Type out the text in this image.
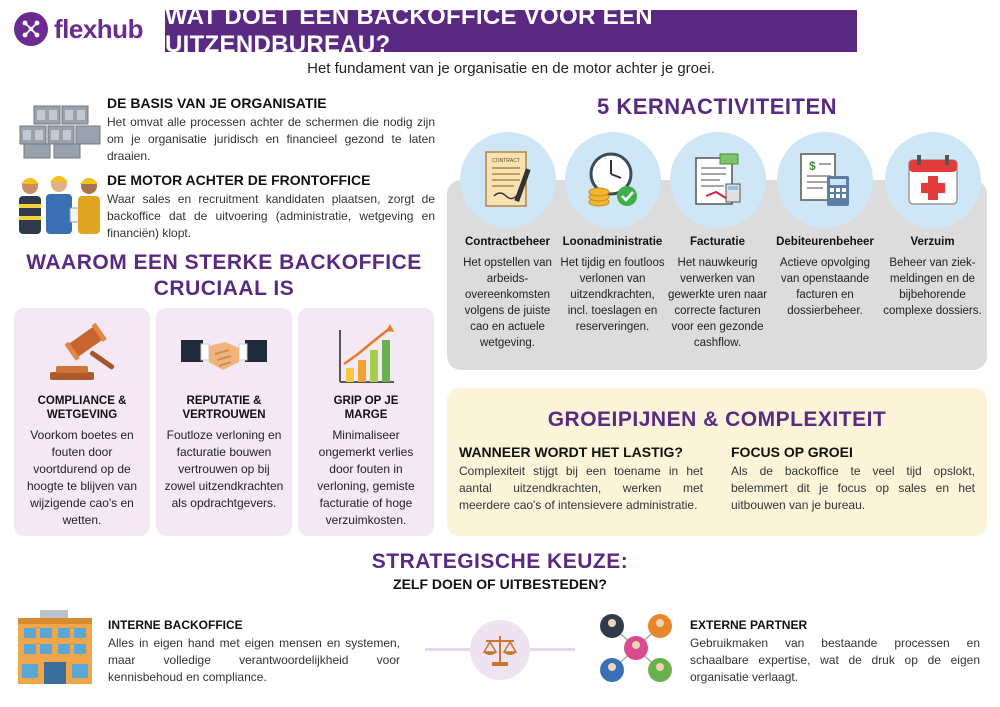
flexhub WAT DOET EEN BACKOFFICE VOOR EEN UITZENDBUREAU?
Het fundament van je organisatie en de motor achter je groei.
DE BASIS VAN JE ORGANISATIE
Het omvat alle processen achter de schermen die nodig zijn om je organisatie juridisch en financieel gezond te laten draaien.
DE MOTOR ACHTER DE FRONTOFFICE
Waar sales en recruitment kandidaten plaatsen, zorgt de backoffice dat de uitvoering (administratie, wetgeving en financiën) klopt.
WAAROM EEN STERKE BACKOFFICE
CRUCIAAL IS
COMPLIANCE &
WETGEVING
Voorkom boetes en fouten door voortdurend op de hoogte te blijven van wijzigende cao's en wetten.
REPUTATIE &
VERTROUWEN
Foutloze verloning en facturatie bouwen vertrouwen op bij zowel uitzendkrachten als opdrachtgevers.
GRIP OP JE
MARGE
Minimaliseer ongemerkt verlies door fouten in verloning, gemiste facturatie of hoge verzuimkosten.
5 KERNACTIVITEITEN
CONTRACT
Contractbeheer
Het opstellen van arbeids-overeenkomsten volgens de juiste cao en actuele wetgeving.
Loonadministratie
Het tijdig en foutloos verlonen van uitzendkrachten, incl. toeslagen en reserveringen.
Facturatie
Het nauwkeurig verwerken van gewerkte uren naar correcte facturen voor een gezonde cashflow.
$
Debiteurenbeheer
Actieve opvolging van openstaande facturen en dossierbeheer.
Verzuim
Beheer van ziek-meldingen en de bijbehorende complexe dossiers.
GROEIPIJNEN & COMPLEXITEIT
WANNEER WORDT HET LASTIG?
Complexiteit stijgt bij een toename in het aantal uitzendkrachten, werken met meerdere cao's of intensievere administratie.
FOCUS OP GROEI
Als de backoffice te veel tijd opslokt, belemmert dit je focus op sales en het uitbouwen van je bureau.
STRATEGISCHE KEUZE:
ZELF DOEN OF UITBESTEDEN?
INTERNE BACKOFFICE
Alles in eigen hand met eigen mensen en systemen, maar volledige verantwoordelijkheid voor kennisbehoud en compliance.
EXTERNE PARTNER
Gebruikmaken van bestaande processen en schaalbare expertise, wat de druk op de eigen organisatie verlaagt.
